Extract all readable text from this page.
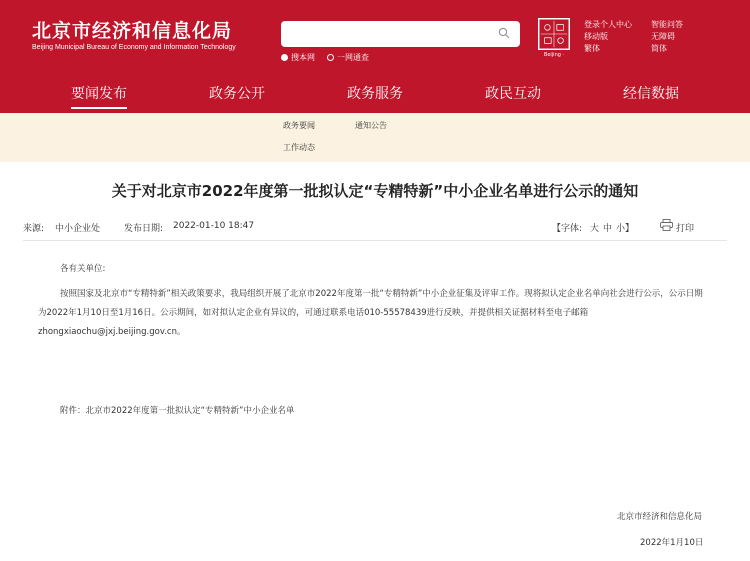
北京市经济和信息化局
Beijing Municipal Bureau of Economy and Information Technology
搜本网	一网通查	Beijing ·
登录个人中心
移动版
繁体
智能问答
无障碍
简体
要闻发布	政务公开	政务服务	政民互动	经信数据
政务要闻	通知公告
工作动态
关于对北京市2022年度第一批拟认定“专精特新”中小企业名单进行公示的通知
来源: 中小企业处	发布日期: 2022-01-10 18:47	【字体: 大 中 小】	打印
各有关单位:
按照国家及北京市“专精特新”相关政策要求，我局组织开展了北京市2022年度第一批“专精特新”中小企业征集及评审工作。现将拟认定企业名单向社会进行公示，公示日期为2022年1月10日至1月16日。公示期间，如对拟认定企业有异议的，可通过联系电话010-55578439进行反映，并提供相关证据材料至电子邮箱zhongxiaochu@jxj.beijing.gov.cn。
附件：北京市2022年度第一批拟认定“专精特新”中小企业名单
北京市经济和信息化局
2022年1月10日
